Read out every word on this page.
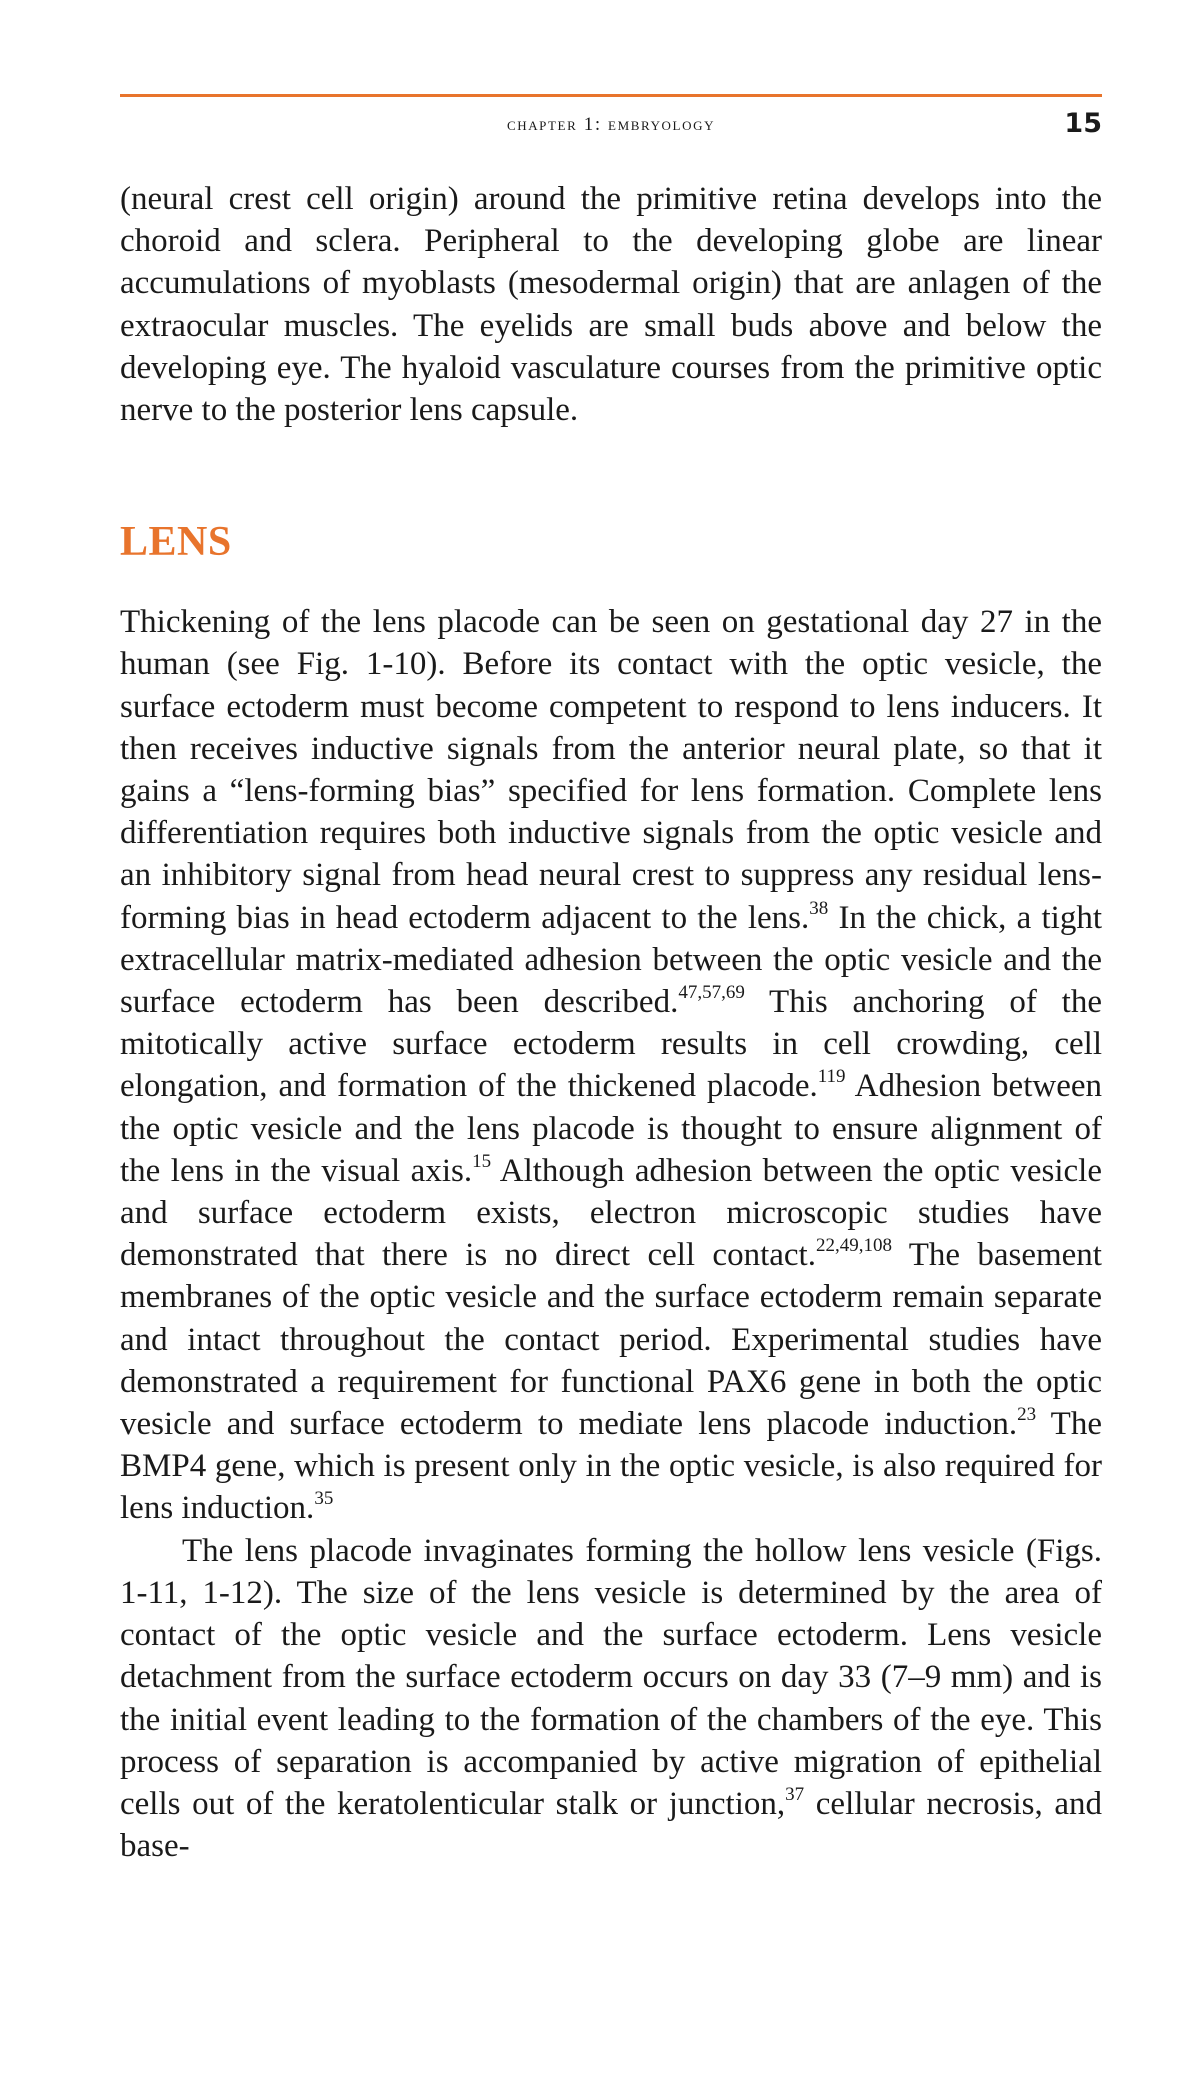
chapter 1: embryology	15

(neural crest cell origin) around the primitive retina develops into the choroid and sclera. Peripheral to the developing globe are linear accumulations of myoblasts (mesodermal origin) that are anlagen of the extraocular muscles. The eyelids are small buds above and below the developing eye. The hyaloid vasculature courses from the primitive optic nerve to the posterior lens capsule.

LENS

Thickening of the lens placode can be seen on gestational day 27 in the human (see Fig. 1-10). Before its contact with the optic vesicle, the surface ectoderm must become competent to respond to lens inducers. It then receives inductive signals from the anterior neural plate, so that it gains a “lens-forming bias” specified for lens formation. Complete lens differentiation requires both inductive signals from the optic vesicle and an inhibitory signal from head neural crest to suppress any residual lens-forming bias in head ectoderm adjacent to the lens.$^{38}$ In the chick, a tight extracellular matrix-mediated adhesion between the optic vesicle and the surface ectoderm has been described.$^{47,57,69}$ This anchoring of the mitotically active surface ectoderm results in cell crowding, cell elongation, and formation of the thickened placode.$^{119}$ Adhesion between the optic vesicle and the lens placode is thought to ensure alignment of the lens in the visual axis.$^{15}$ Although adhesion between the optic vesicle and surface ectoderm exists, electron microscopic studies have demonstrated that there is no direct cell contact.$^{22,49,108}$ The basement membranes of the optic vesicle and the surface ectoderm remain separate and intact throughout the contact period. Experimental studies have demonstrated a requirement for functional PAX6 gene in both the optic vesicle and surface ectoderm to mediate lens placode induction.$^{23}$ The BMP4 gene, which is present only in the optic vesicle, is also required for lens induction.$^{35}$

The lens placode invaginates forming the hollow lens vesicle (Figs. 1-11, 1-12). The size of the lens vesicle is determined by the area of contact of the optic vesicle and the surface ectoderm. Lens vesicle detachment from the surface ectoderm occurs on day 33 (7–9 mm) and is the initial event leading to the formation of the chambers of the eye. This process of separation is accompanied by active migration of epithelial cells out of the keratolenticular stalk or junction,$^{37}$ cellular necrosis, and base-
